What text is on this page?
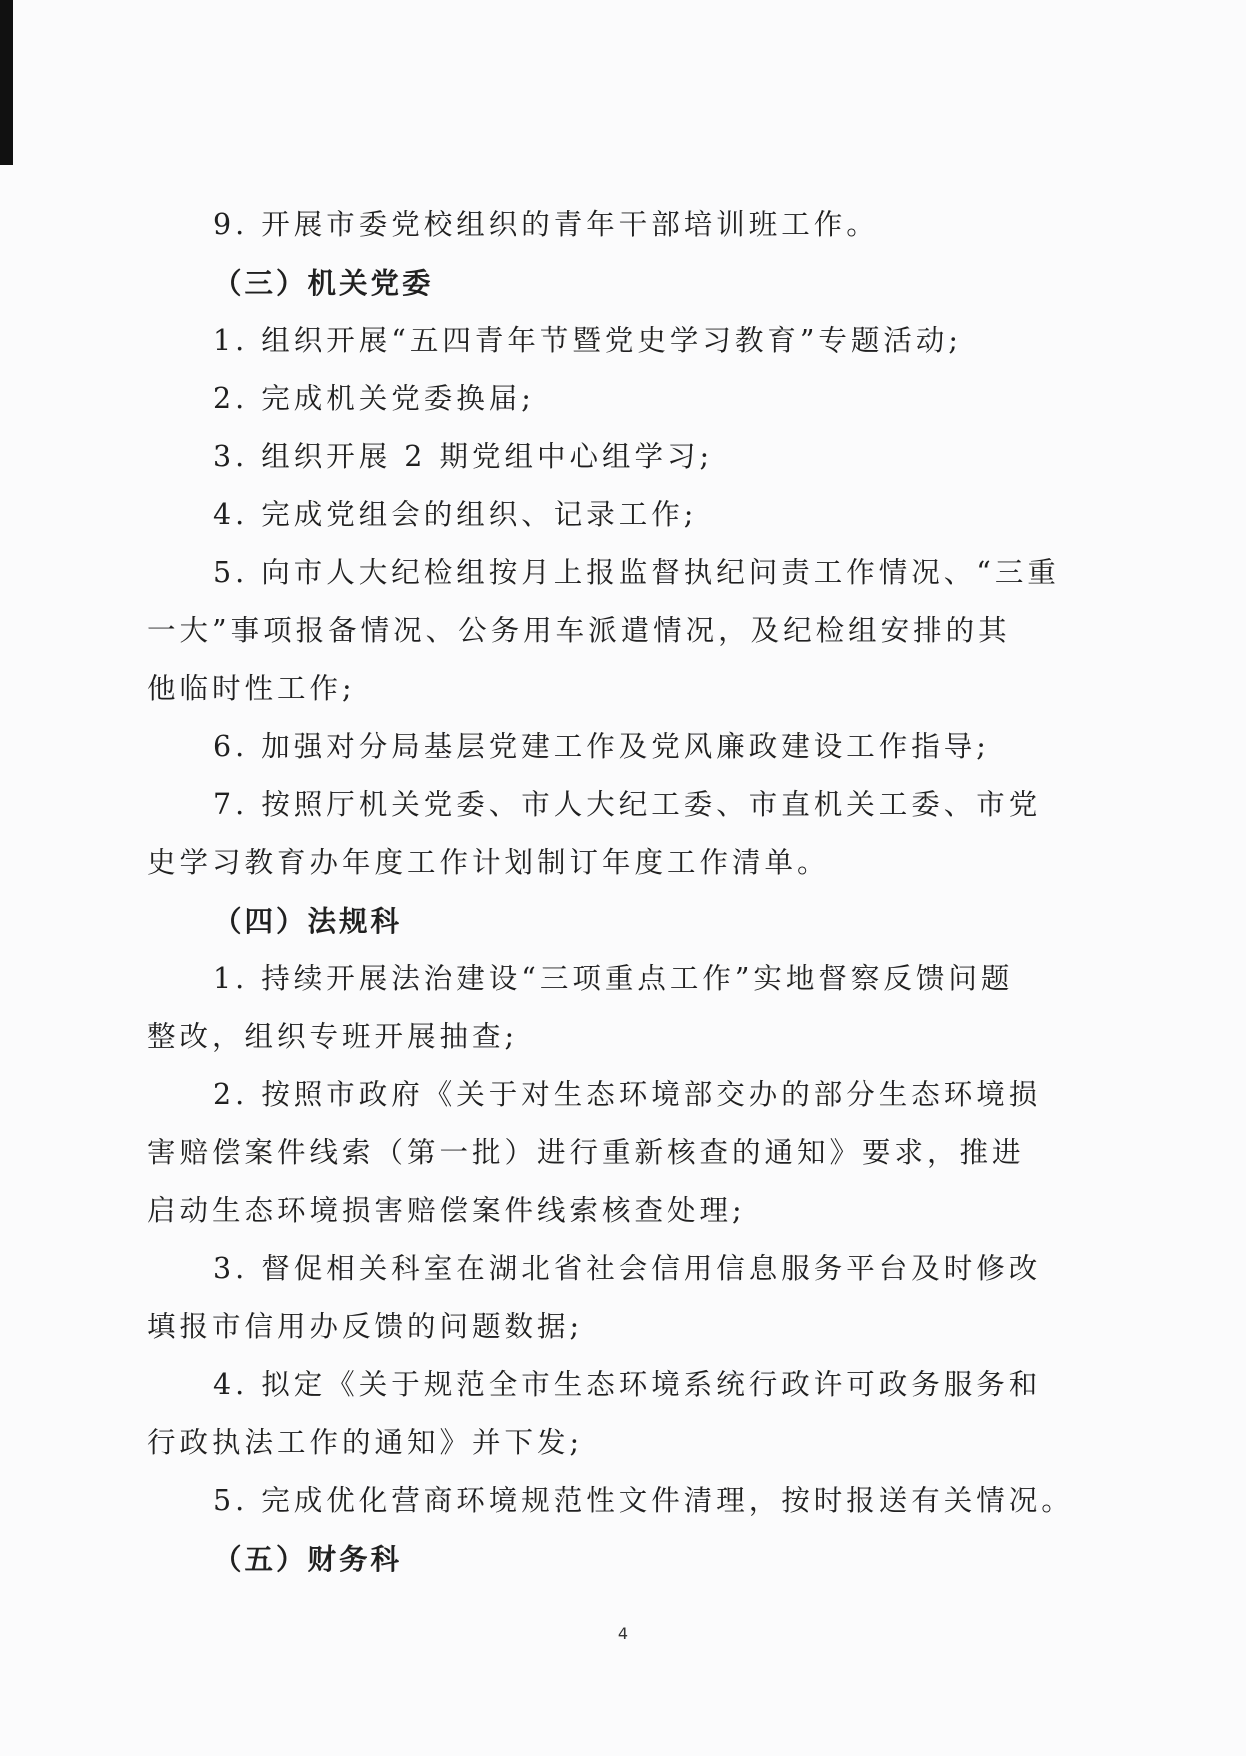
9. 开展市委党校组织的青年干部培训班工作。

（三）机关党委

1. 组织开展“五四青年节暨党史学习教育”专题活动;

2. 完成机关党委换届;

3. 组织开展 2 期党组中心组学习;

4. 完成党组会的组织、记录工作;

5. 向市人大纪检组按月上报监督执纪问责工作情况、“三重

一大”事项报备情况、公务用车派遣情况，及纪检组安排的其

他临时性工作;

6. 加强对分局基层党建工作及党风廉政建设工作指导;

7. 按照厅机关党委、市人大纪工委、市直机关工委、市党

史学习教育办年度工作计划制订年度工作清单。

（四）法规科

1. 持续开展法治建设“三项重点工作”实地督察反馈问题

整改，组织专班开展抽查;

2. 按照市政府《关于对生态环境部交办的部分生态环境损

害赔偿案件线索（第一批）进行重新核查的通知》要求，推进

启动生态环境损害赔偿案件线索核查处理;

3. 督促相关科室在湖北省社会信用信息服务平台及时修改

填报市信用办反馈的问题数据;

4. 拟定《关于规范全市生态环境系统行政许可政务服务和

行政执法工作的通知》并下发;

5. 完成优化营商环境规范性文件清理，按时报送有关情况。

（五）财务科

4
